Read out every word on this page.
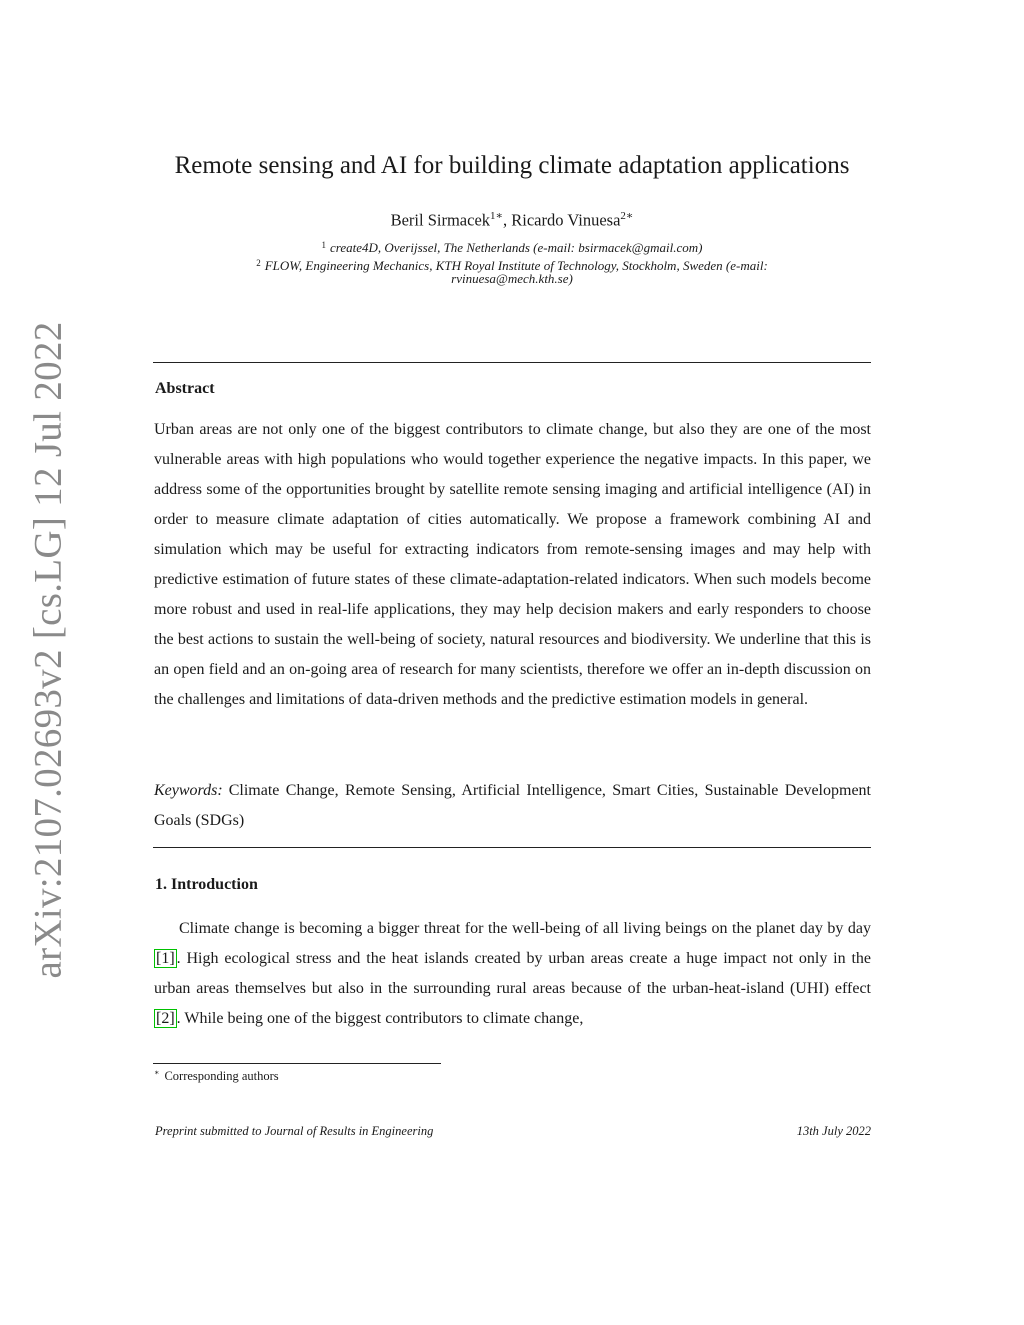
arXiv:2107.02693v2 [cs.LG] 12 Jul 2022
Remote sensing and AI for building climate adaptation applications
Beril Sirmacek$^{1∗}$, Ricardo Vinuesa$^{2∗}$
$^1$ create4D, Overijssel, The Netherlands (e-mail: bsirmacek@gmail.com)
$^2$ FLOW, Engineering Mechanics, KTH Royal Institute of Technology, Stockholm, Sweden (e-mail:
rvinuesa@mech.kth.se)
Abstract

Urban areas are not only one of the biggest contributors to climate change, but also they are one of the most vulnerable areas with high populations who would together experience the negative impacts. In this paper, we address some of the opportunities brought by satellite remote sensing imaging and artificial intelligence (AI) in order to measure climate adaptation of cities automatically. We propose a framework combining AI and simulation which may be useful for extracting indicators from remote-sensing images and may help with predictive estimation of future states of these climate-adaptation-related indicators. When such models become more robust and used in real-life applications, they may help decision makers and early responders to choose the best actions to sustain the well-being of society, natural resources and biodiversity. We underline that this is an open field and an on-going area of research for many scientists, therefore we offer an in-depth discussion on the challenges and limitations of data-driven methods and the predictive estimation models in general.

Keywords: Climate Change, Remote Sensing, Artificial Intelligence, Smart Cities, Sustainable Development Goals (SDGs)

1. Introduction

Climate change is becoming a bigger threat for the well-being of all living beings on the planet day by day [1] . High ecological stress and the heat islands created by urban areas create a huge impact not only in the urban areas themselves but also in the surrounding rural areas because of the urban-heat-island (UHI) effect [2] . While being one of the biggest contributors to climate change,

∗ Corresponding authors
Preprint submitted to Journal of Results in Engineering	13th July 2022
